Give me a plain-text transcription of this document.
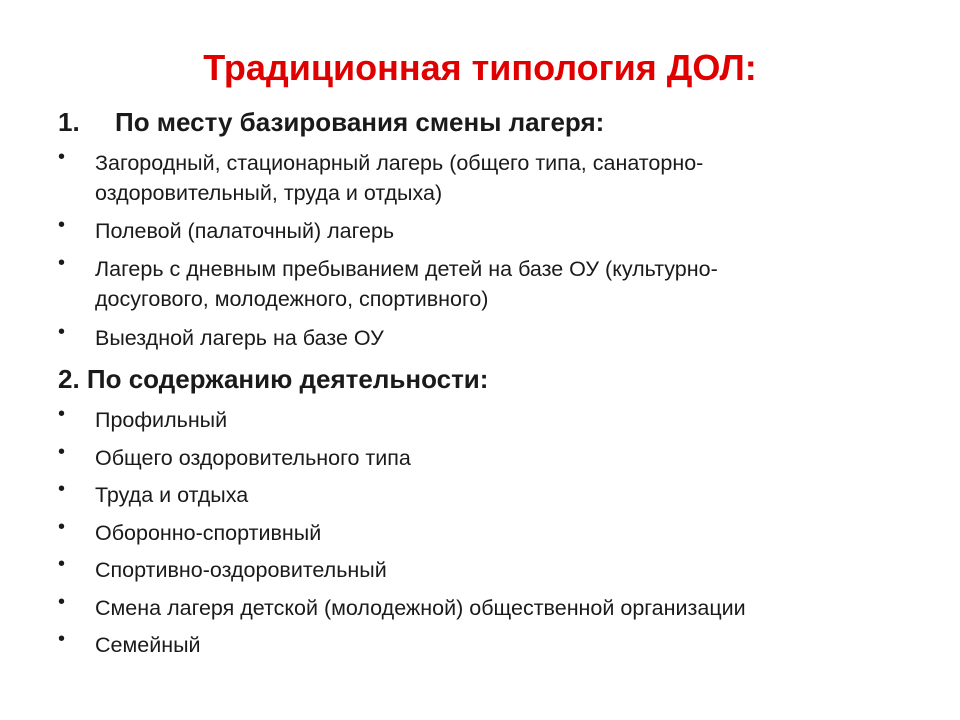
Традиционная типология ДОЛ:
1. По месту базирования смены лагеря:
• Загородный, стационарный лагерь (общего типа, санаторно-
оздоровительный, труда и отдыха)
• Полевой (палаточный) лагерь
• Лагерь с дневным пребыванием детей на базе ОУ (культурно-
досугового, молодежного, спортивного)
• Выездной лагерь на базе ОУ
2. По содержанию деятельности:
• Профильный
• Общего оздоровительного типа
• Труда и отдыха
• Оборонно-спортивный
• Спортивно-оздоровительный
• Смена лагеря детской (молодежной) общественной организации
• Семейный
